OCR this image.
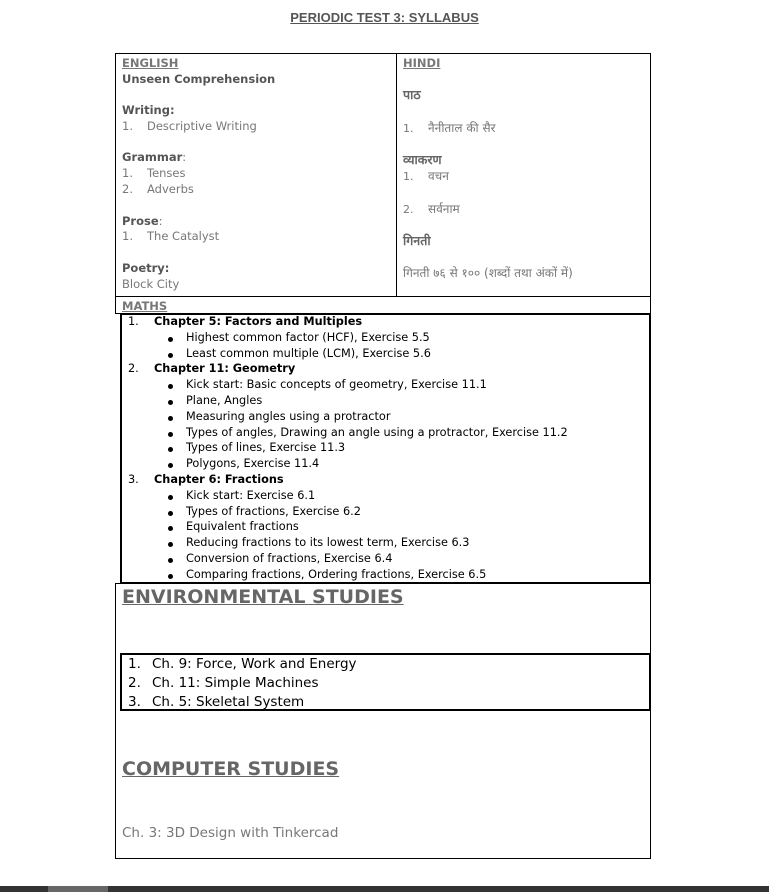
PERIODIC TEST 3: SYLLABUS
ENGLISH
Unseen Comprehension
Writing:
1. Descriptive Writing
Grammar:
1. Tenses
2. Adverbs
Prose:
1. The Catalyst
Poetry:
Block City
HINDI
पाठ
1. नैनीताल की सैर
व्याकरण
1. वचन
2. सर्वनाम
गिनती
गिनती ७६ से १०० (शब्दों तथा अंकों में)
MATHS
1. Chapter 5: Factors and Multiples
Highest common factor (HCF), Exercise 5.5
Least common multiple (LCM), Exercise 5.6
2. Chapter 11: Geometry
Kick start: Basic concepts of geometry, Exercise 11.1
Plane, Angles
Measuring angles using a protractor
Types of angles, Drawing an angle using a protractor, Exercise 11.2
Types of lines, Exercise 11.3
Polygons, Exercise 11.4
3. Chapter 6: Fractions
Kick start: Exercise 6.1
Types of fractions, Exercise 6.2
Equivalent fractions
Reducing fractions to its lowest term, Exercise 6.3
Conversion of fractions, Exercise 6.4
Comparing fractions, Ordering fractions, Exercise 6.5
ENVIRONMENTAL STUDIES
1. Ch. 9: Force, Work and Energy
2. Ch. 11: Simple Machines
3. Ch. 5: Skeletal System
COMPUTER STUDIES
Ch. 3: 3D Design with Tinkercad
